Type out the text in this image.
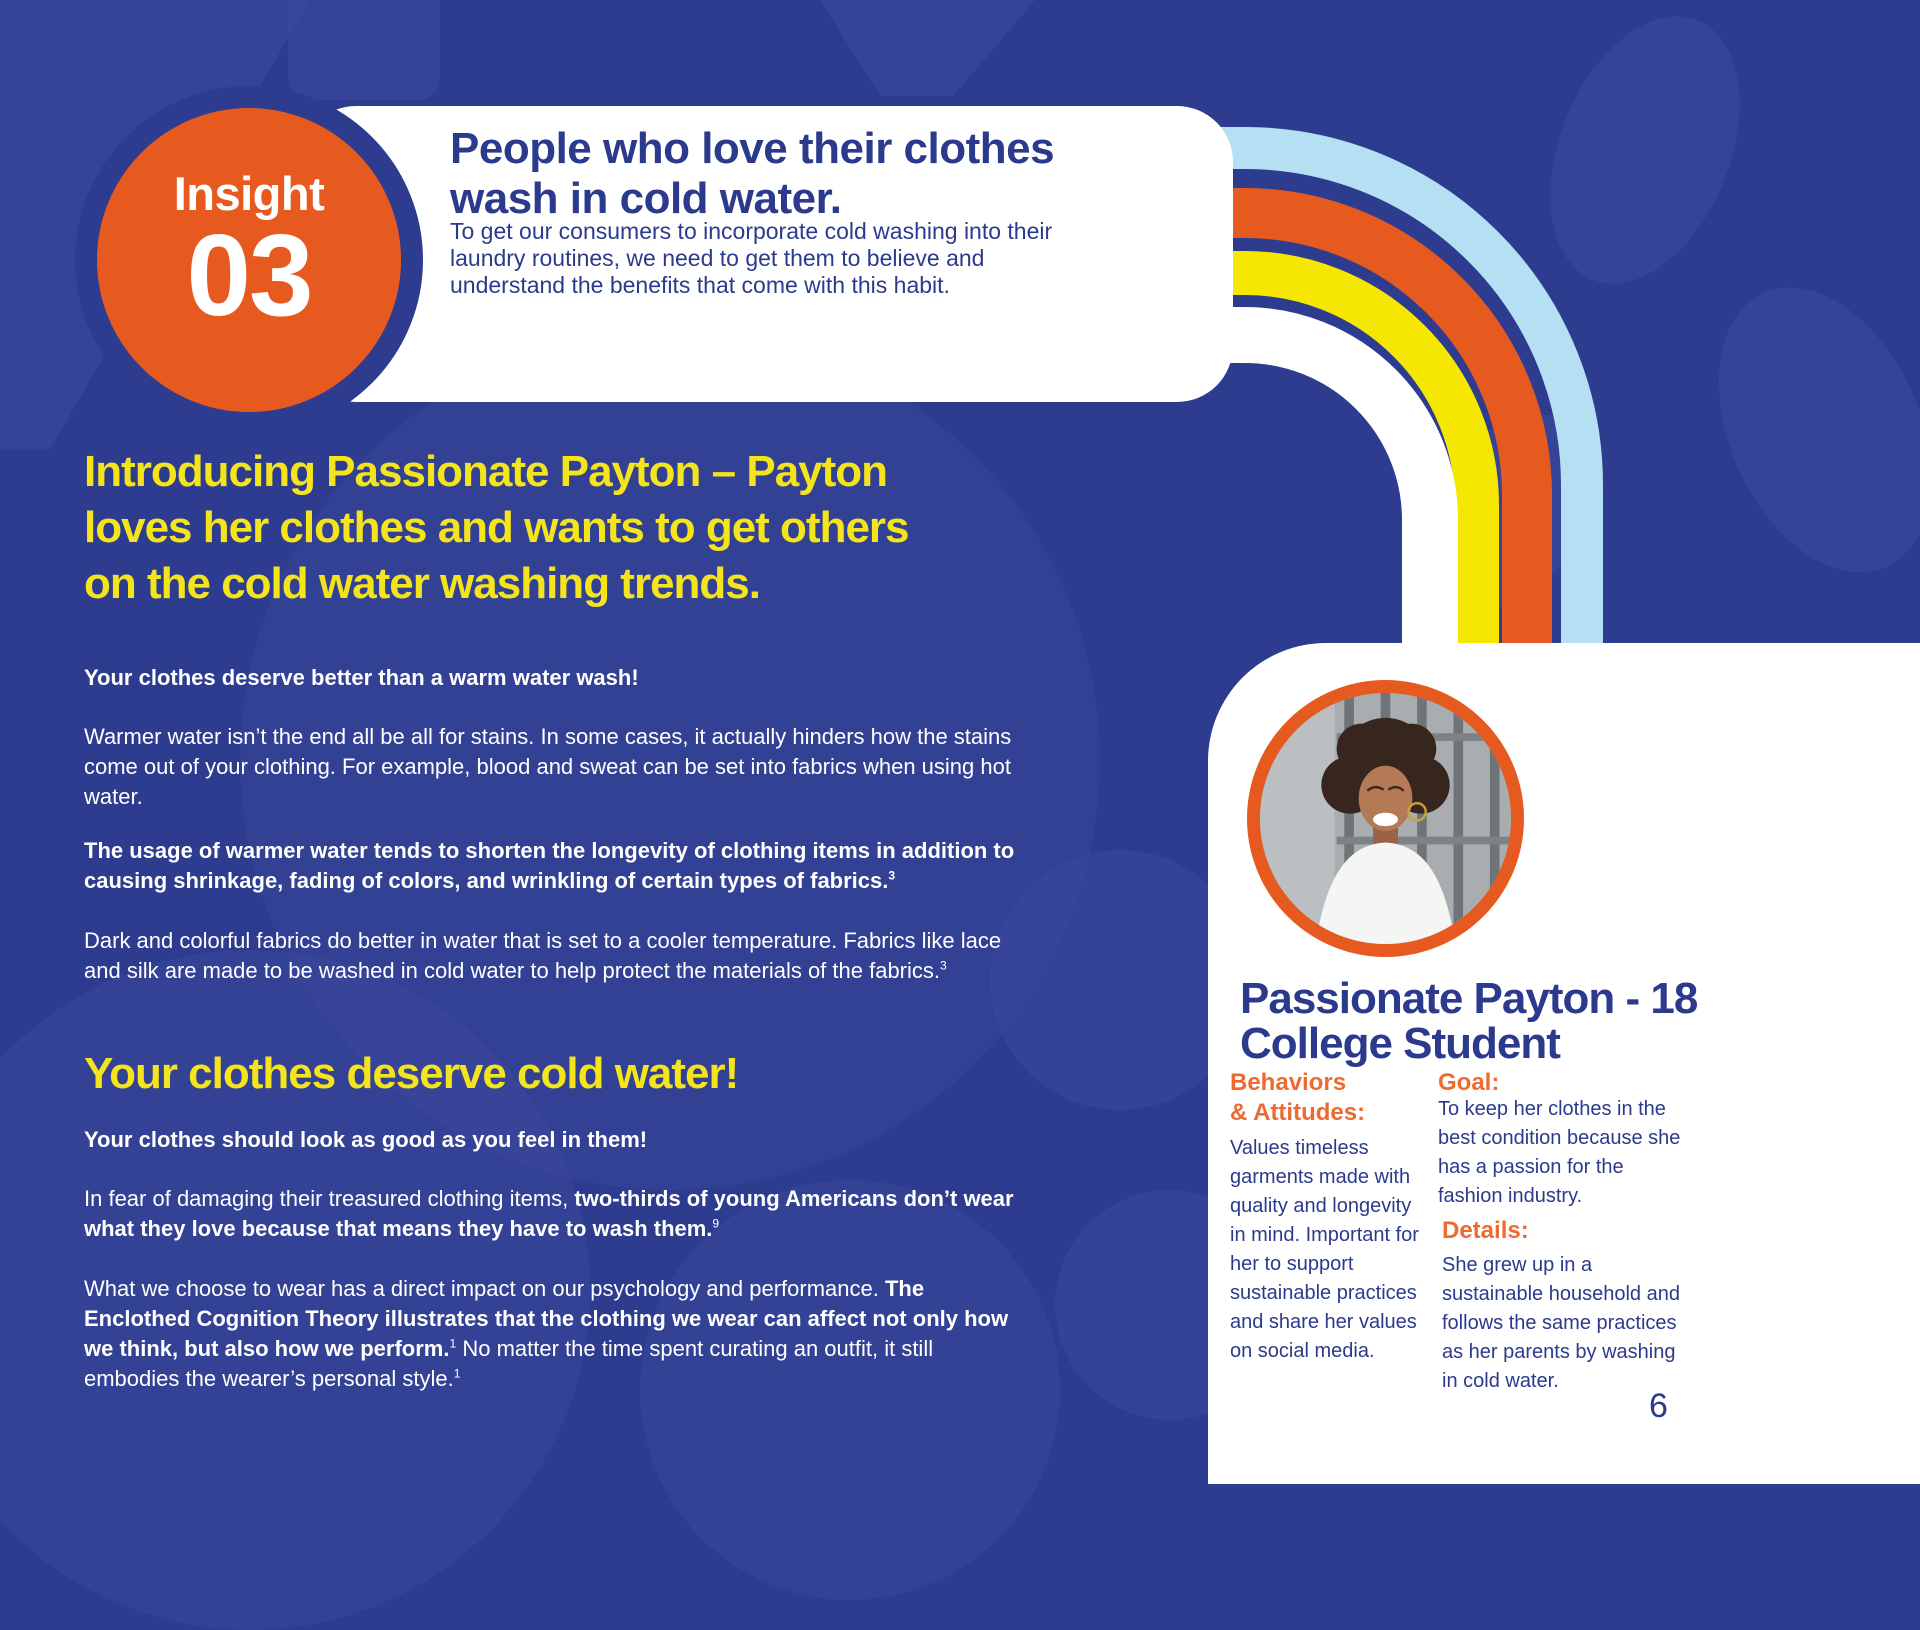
People who love their clothes
wash in cold water.
To get our consumers to incorporate cold washing into their laundry routines, we need to get them to believe and understand the benefits that come with this habit.
Insight
03
Introducing Passionate Payton – Payton
loves her clothes and wants to get others
on the cold water washing trends.
Your clothes deserve better than a warm water wash!
Warmer water isn’t the end all be all for stains. In some cases, it actually hinders how the stains come out of your clothing. For example, blood and sweat can be set into fabrics when using hot water.
The usage of warmer water tends to shorten the longevity of clothing items in addition to causing shrinkage, fading of colors, and wrinkling of certain types of fabrics.$^3$
Dark and colorful fabrics do better in water that is set to a cooler temperature. Fabrics like lace and silk are made to be washed in cold water to help protect the materials of the fabrics.$^3$
Your clothes deserve cold water!
Your clothes should look as good as you feel in them!
In fear of damaging their treasured clothing items, two-thirds of young Americans don’t wear what they love because that means they have to wash them.$^9$
What we choose to wear has a direct impact on our psychology and performance. The Enclothed Cognition Theory illustrates that the clothing we wear can affect not only how we think, but also how we perform.$^1$ No matter the time spent curating an outfit, it still embodies the wearer’s personal style.$^1$
Passionate Payton - 18
College Student
Behaviors
& Attitudes:
Values timeless garments made with quality and longevity in mind. Important for her to support sustainable practices and share her values on social media.
Goal:
To keep her clothes in the best condition because she has a passion for the fashion industry.
Details:
She grew up in a sustainable household and follows the same practices as her parents by washing in cold water.
6
